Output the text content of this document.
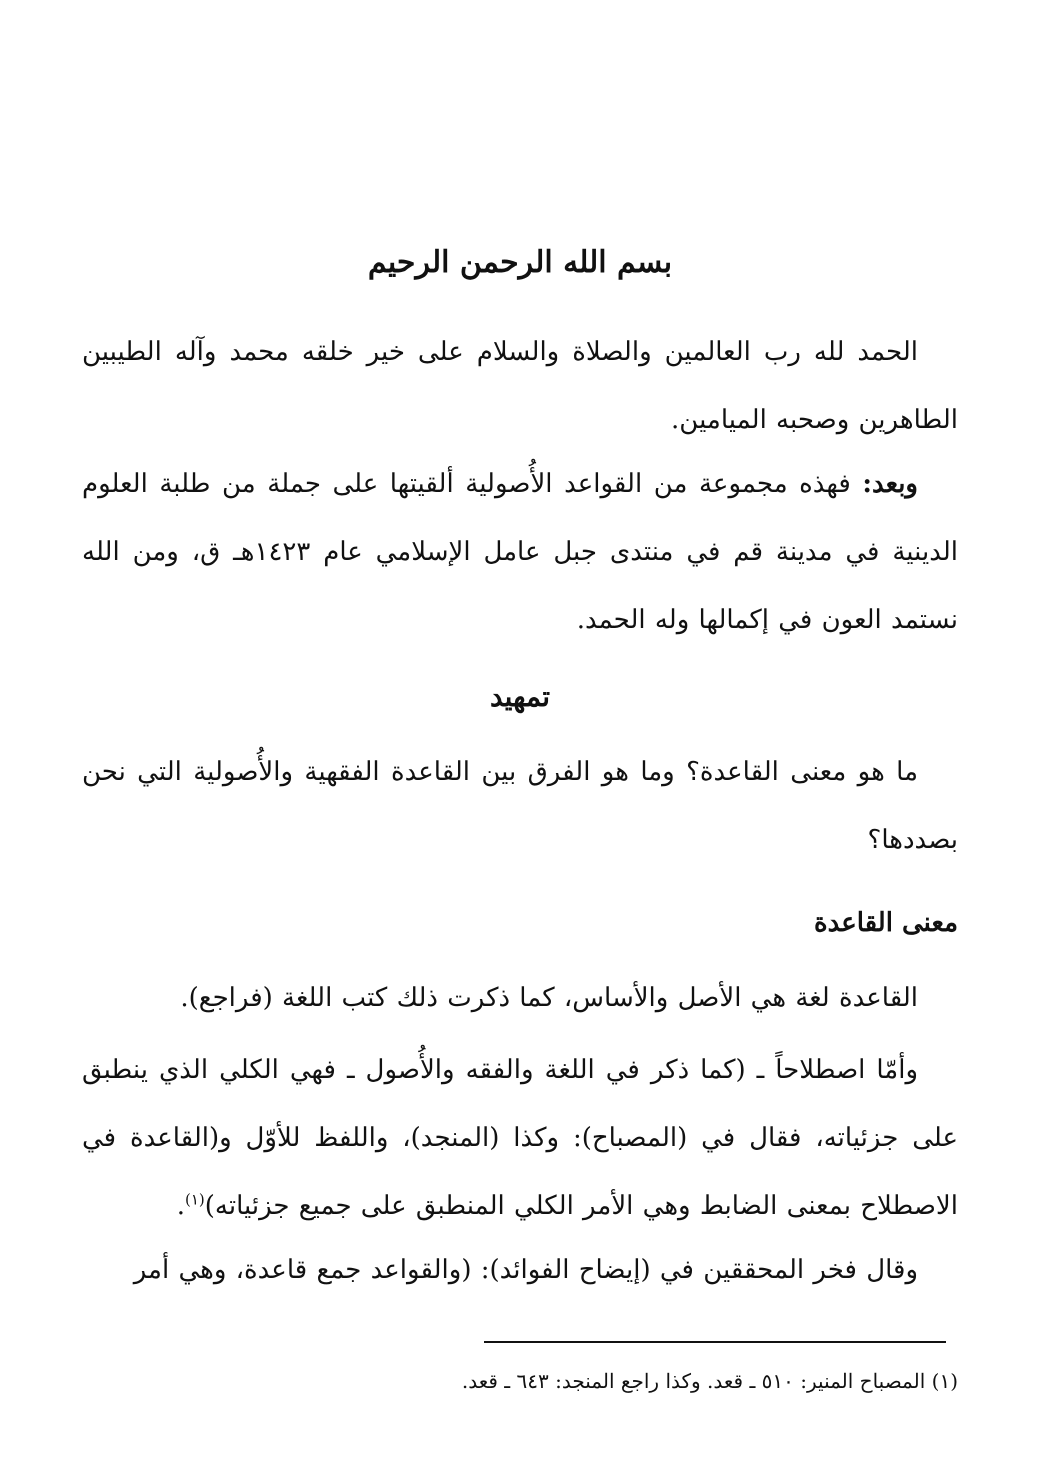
بسم الله الرحمن الرحيم

الحمد لله رب العالمين والصلاة والسلام على خير خلقه محمد وآله الطيبين الطاهرين وصحبه الميامين.

وبعد: فهذه مجموعة من القواعد الأُصولية ألقيتها على جملة من طلبة العلوم الدينية في مدينة قم في منتدى جبل عامل الإسلامي عام ١٤٢٣هـ ق، ومن الله نستمد العون في إكمالها وله الحمد.

تمهيد

ما هو معنى القاعدة؟ وما هو الفرق بين القاعدة الفقهية والأُصولية التي نحن بصددها؟

معنى القاعدة

القاعدة لغة هي الأصل والأساس، كما ذكرت ذلك كتب اللغة (فراجع).

وأمّا اصطلاحاً ـ (كما ذكر في اللغة والفقه والأُصول ـ فهي الكلي الذي ينطبق على جزئياته، فقال في (المصباح): وكذا (المنجد)، واللفظ للأوّل و(القاعدة في الاصطلاح بمعنى الضابط وهي الأمر الكلي المنطبق على جميع جزئياته)$^{(١)}$.

وقال فخر المحققين في (إيضاح الفوائد): (والقواعد جمع قاعدة، وهي أمر

(١) المصباح المنير: ٥١٠ ـ قعد. وكذا راجع المنجد: ٦٤٣ ـ قعد.
